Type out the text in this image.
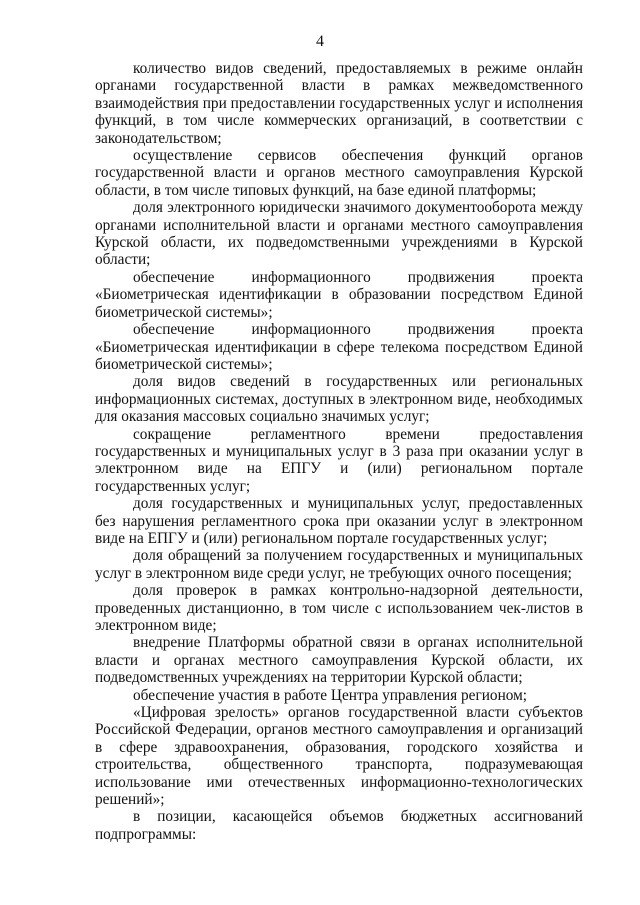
4

количество видов сведений, предоставляемых в режиме онлайн органами государственной власти в рамках межведомственного взаимодействия при предоставлении государственных услуг и исполнения функций, в том числе коммерческих организаций, в соответствии с законодательством;

осуществление сервисов обеспечения функций органов государственной власти и органов местного самоуправления Курской области, в том числе типовых функций, на базе единой платформы;

доля электронного юридически значимого документооборота между органами исполнительной власти и органами местного самоуправления Курской области, их подведомственными учреждениями в Курской области;

обеспечение информационного продвижения проекта «Биометрическая идентификации в образовании посредством Единой биометрической системы»;

обеспечение информационного продвижения проекта «Биометрическая идентификации в сфере телекома посредством Единой биометрической системы»;

доля видов сведений в государственных или региональных информационных системах, доступных в электронном виде, необходимых для оказания массовых социально значимых услуг;

сокращение регламентного времени предоставления государственных и муниципальных услуг в 3 раза при оказании услуг в электронном виде на ЕПГУ и (или) региональном портале государственных услуг;

доля государственных и муниципальных услуг, предоставленных без нарушения регламентного срока при оказании услуг в электронном виде на ЕПГУ и (или) региональном портале государственных услуг;

доля обращений за получением государственных и муниципальных услуг в электронном виде среди услуг, не требующих очного посещения;

доля проверок в рамках контрольно-надзорной деятельности, проведенных дистанционно, в том числе с использованием чек-листов в электронном виде;

внедрение Платформы обратной связи в органах исполнительной власти и органах местного самоуправления Курской области, их подведомственных учреждениях на территории Курской области;

обеспечение участия в работе Центра управления регионом;

«Цифровая зрелость» органов государственной власти субъектов Российской Федерации, органов местного самоуправления и организаций в сфере здравоохранения, образования, городского хозяйства и строительства, общественного транспорта, подразумевающая использование ими отечественных информационно-технологических решений»;

в позиции, касающейся объемов бюджетных ассигнований подпрограммы:
